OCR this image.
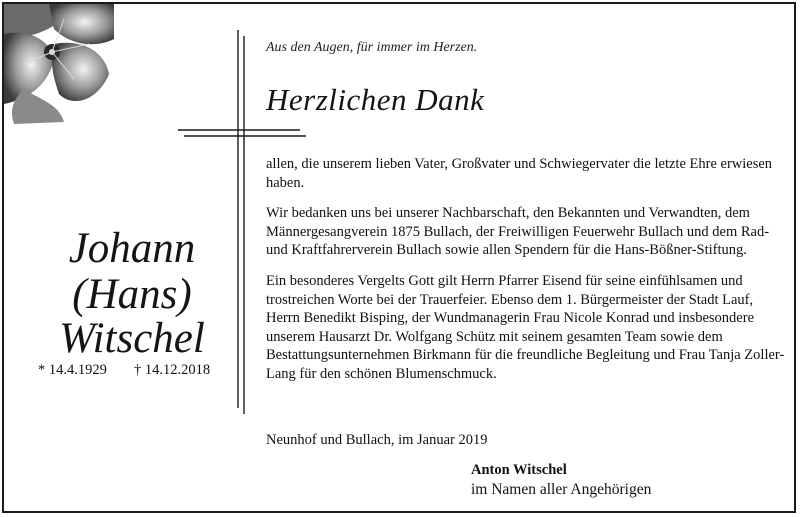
Aus den Augen, für immer im Herzen.
Herzlichen Dank
Johann
(Hans)
Witschel
* 14.4.1929 † 14.12.2018

allen, die unserem lieben Vater, Großvater und Schwiegervater die letzte Ehre erwiesen haben.

Wir bedanken uns bei unserer Nachbarschaft, den Bekannten und Verwandten, dem Männergesangverein 1875 Bullach, der Freiwilligen Feuerwehr Bullach und dem Rad- und Kraftfahrerverein Bullach sowie allen Spendern für die Hans-Bößner-Stiftung.

Ein besonderes Vergelts Gott gilt Herrn Pfarrer Eisend für seine einfühlsamen und trostreichen Worte bei der Trauerfeier. Ebenso dem 1. Bürgermeister der Stadt Lauf, Herrn Benedikt Bisping, der Wundmanagerin Frau Nicole Konrad und insbesondere unserem Hausarzt Dr. Wolfgang Schütz mit seinem gesamten Team sowie dem Bestattungsunternehmen Birkmann für die freundliche Begleitung und Frau Tanja Zoller-Lang für den schönen Blumenschmuck.

Neunhof und Bullach, im Januar 2019
Anton Witschel
im Namen aller Angehörigen
